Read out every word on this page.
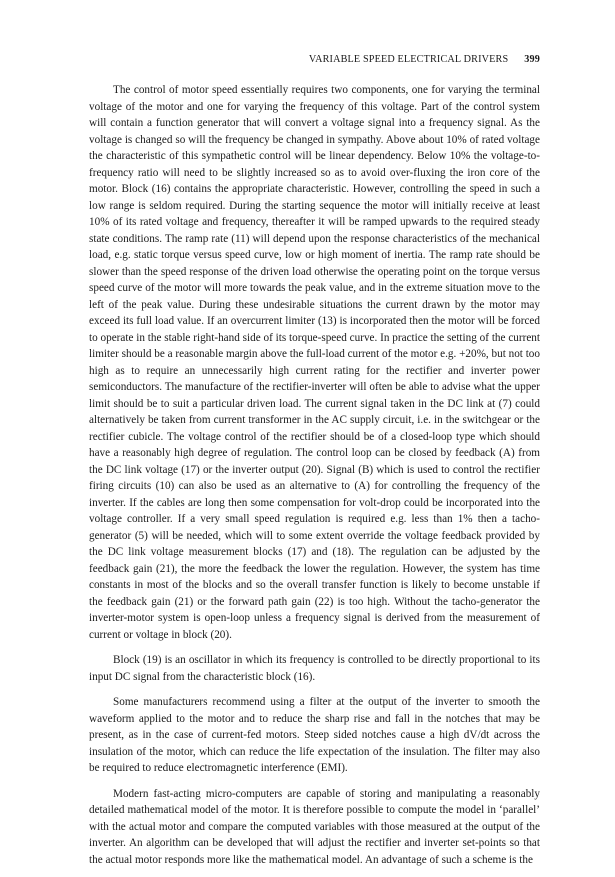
VARIABLE SPEED ELECTRICAL DRIVERS 399

The control of motor speed essentially requires two components, one for varying the terminal voltage of the motor and one for varying the frequency of this voltage. Part of the control system will contain a function generator that will convert a voltage signal into a frequency signal. As the voltage is changed so will the frequency be changed in sympathy. Above about 10% of rated voltage the characteristic of this sympathetic control will be linear dependency. Below 10% the voltage-to-frequency ratio will need to be slightly increased so as to avoid over-fluxing the iron core of the motor. Block (16) contains the appropriate characteristic. However, controlling the speed in such a low range is seldom required. During the starting sequence the motor will initially receive at least 10% of its rated voltage and frequency, thereafter it will be ramped upwards to the required steady state conditions. The ramp rate (11) will depend upon the response characteristics of the mechanical load, e.g. static torque versus speed curve, low or high moment of inertia. The ramp rate should be slower than the speed response of the driven load otherwise the operating point on the torque versus speed curve of the motor will more towards the peak value, and in the extreme situation move to the left of the peak value. During these undesirable situations the current drawn by the motor may exceed its full load value. If an overcurrent limiter (13) is incorporated then the motor will be forced to operate in the stable right-hand side of its torque-speed curve. In practice the setting of the current limiter should be a reasonable margin above the full-load current of the motor e.g. +20%, but not too high as to require an unnecessarily high current rating for the rectifier and inverter power semiconductors. The manufacture of the rectifier-inverter will often be able to advise what the upper limit should be to suit a particular driven load. The current signal taken in the DC link at (7) could alternatively be taken from current transformer in the AC supply circuit, i.e. in the switchgear or the rectifier cubicle. The voltage control of the rectifier should be of a closed-loop type which should have a reasonably high degree of regulation. The control loop can be closed by feedback (A) from the DC link voltage (17) or the inverter output (20). Signal (B) which is used to control the rectifier firing circuits (10) can also be used as an alternative to (A) for controlling the frequency of the inverter. If the cables are long then some compensation for volt-drop could be incorporated into the voltage controller. If a very small speed regulation is required e.g. less than 1% then a tacho-generator (5) will be needed, which will to some extent override the voltage feedback provided by the DC link voltage measurement blocks (17) and (18). The regulation can be adjusted by the feedback gain (21), the more the feedback the lower the regulation. However, the system has time constants in most of the blocks and so the overall transfer function is likely to become unstable if the feedback gain (21) or the forward path gain (22) is too high. Without the tacho-generator the inverter-motor system is open-loop unless a frequency signal is derived from the measurement of current or voltage in block (20).

Block (19) is an oscillator in which its frequency is controlled to be directly proportional to its input DC signal from the characteristic block (16).

Some manufacturers recommend using a filter at the output of the inverter to smooth the waveform applied to the motor and to reduce the sharp rise and fall in the notches that may be present, as in the case of current-fed motors. Steep sided notches cause a high dV/dt across the insulation of the motor, which can reduce the life expectation of the insulation. The filter may also be required to reduce electromagnetic interference (EMI).

Modern fast-acting micro-computers are capable of storing and manipulating a reasonably detailed mathematical model of the motor. It is therefore possible to compute the model in ‘parallel’ with the actual motor and compare the computed variables with those measured at the output of the inverter. An algorithm can be developed that will adjust the rectifier and inverter set-points so that the actual motor responds more like the mathematical model. An advantage of such a scheme is the
